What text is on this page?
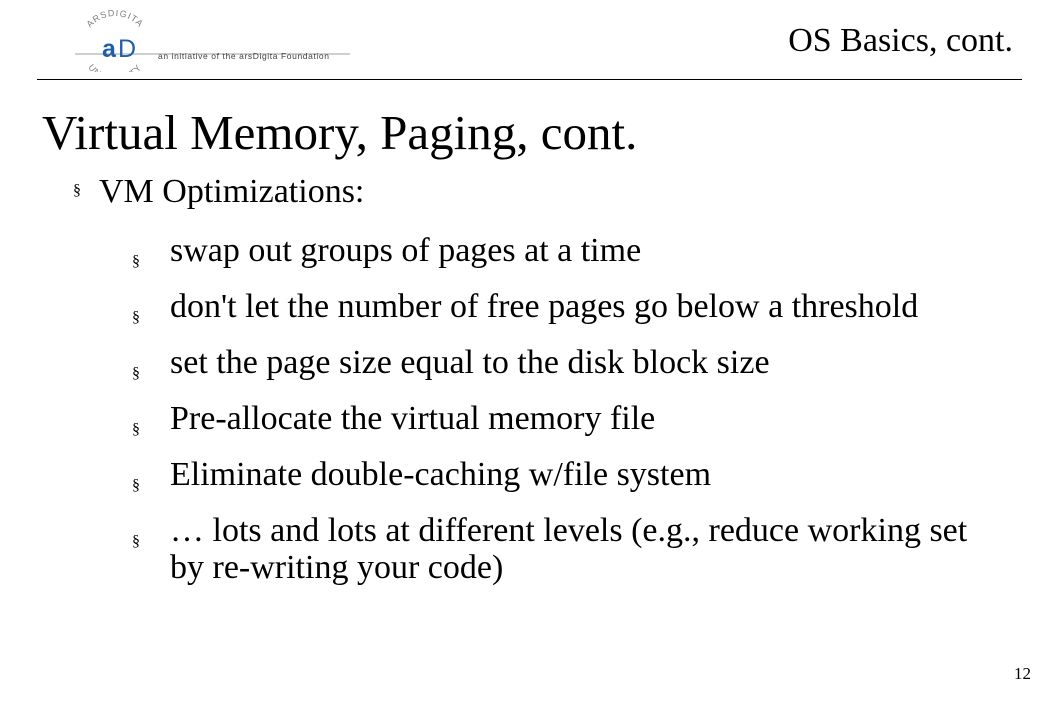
ARSDIGITA
U Y
a D	an initiative of the arsDigita Foundation	OS Basics, cont.
Virtual Memory, Paging, cont.
§ VM Optimizations:
§ swap out groups of pages at a time
§ don't let the number of free pages go below a threshold
§ set the page size equal to the disk block size
§ Pre-allocate the virtual memory file
§ Eliminate double-caching w/file system
§ … lots and lots at different levels (e.g., reduce working set by re-writing your code)
12
